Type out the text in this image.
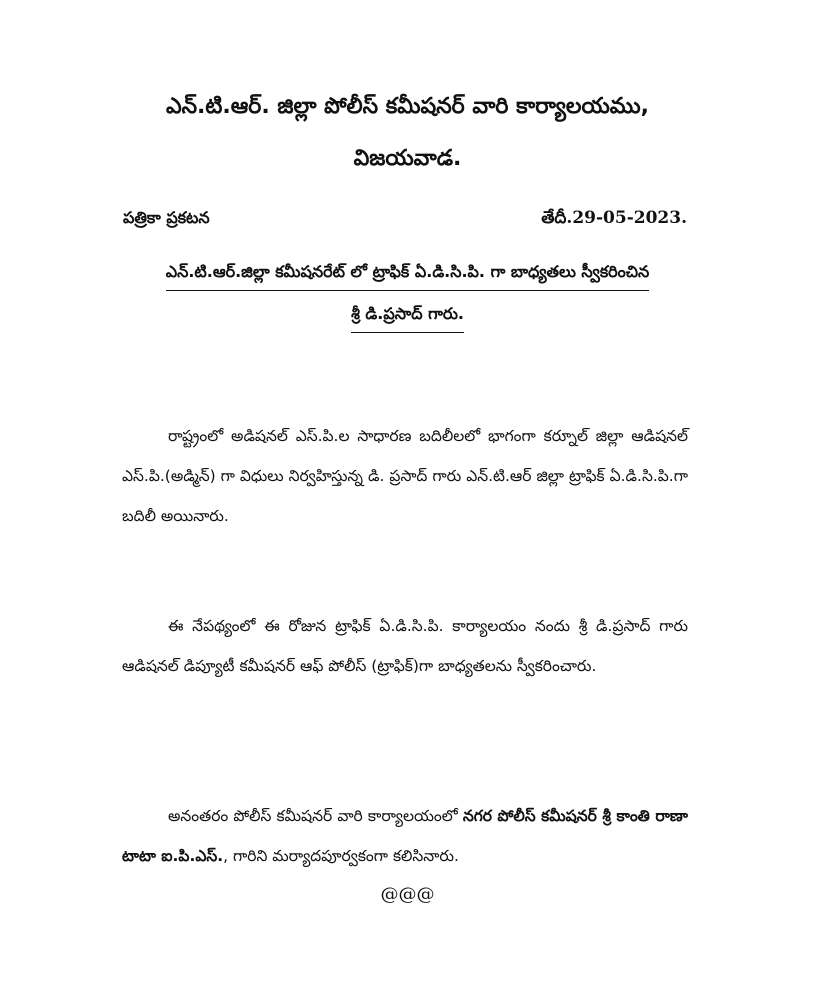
ఎన్.టి.ఆర్. జిల్లా పోలీస్ కమీషనర్ వారి కార్యాలయము,
విజయవాడ.
పత్రికా ప్రకటన	తేదీ.29-05-2023.
ఎన్.టి.ఆర్.జిల్లా కమీషనరేట్ లో ట్రాఫిక్ ఏ.డి.సి.పి. గా బాధ్యతలు స్వీకరించిన
శ్రీ డి.ప్రసాద్ గారు.

రాష్ట్రంలో అడిషనల్ ఎస్.పి.ల సాధారణ బదిలీలలో భాగంగా కర్నూల్ జిల్లా ఆడిషనల్ ఎస్.పి.(అడ్మిన్) గా విధులు నిర్వహిస్తున్న డి. ప్రసాద్ గారు ఎన్.టి.ఆర్ జిల్లా ట్రాఫిక్ ఏ.డి.సి.పి.గా బదిలీ అయినారు.

ఈ నేపథ్యంలో ఈ రోజున ట్రాఫిక్ ఏ.డి.సి.పి. కార్యాలయం నందు శ్రీ డి.ప్రసాద్ గారు ఆడిషనల్ డిప్యూటీ కమీషనర్ ఆఫ్ పోలీస్ (ట్రాఫిక్)గా బాధ్యతలను స్వీకరించారు.

అనంతరం పోలీస్ కమీషనర్ వారి కార్యాలయంలో నగర పోలీస్ కమీషనర్ శ్రీ కాంతి రాణా టాటా ఐ.పి.ఎస్., గారిని మర్యాదపూర్వకంగా కలిసినారు.

@@@
